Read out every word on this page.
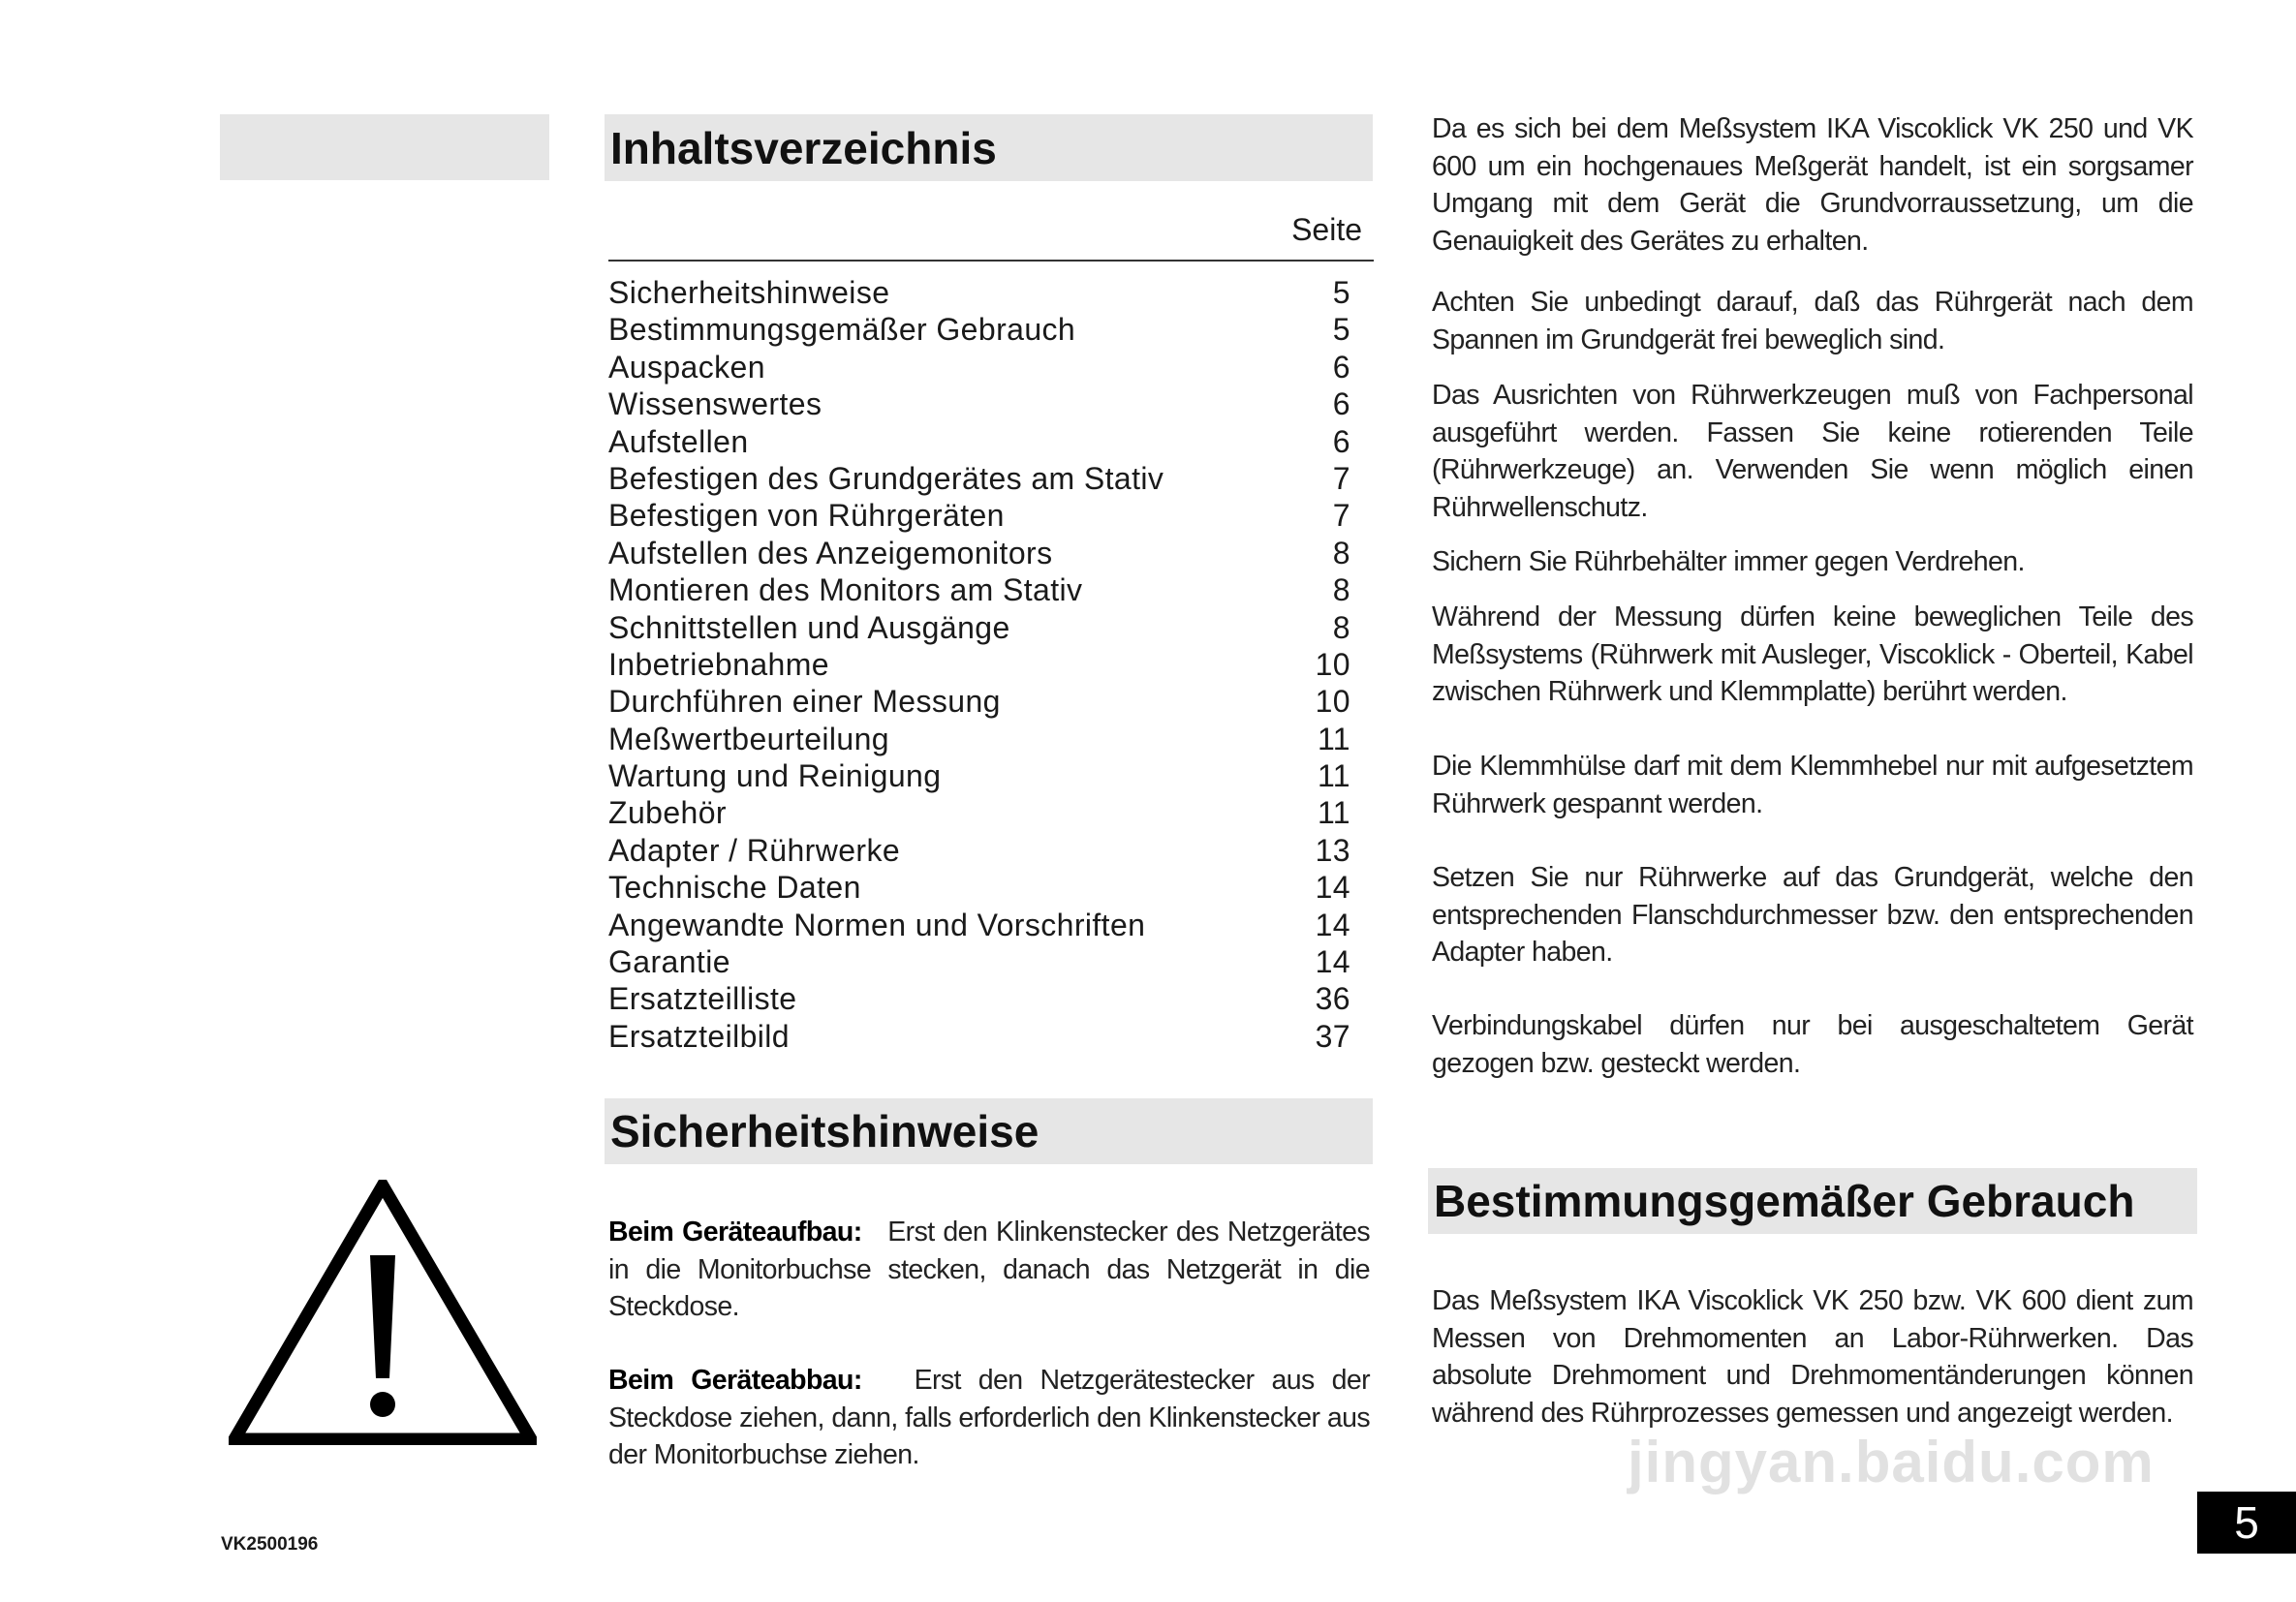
Inhaltsverzeichnis
Seite
Sicherheitshinweise	5
Bestimmungsgemäßer Gebrauch	5
Auspacken	6
Wissenswertes	6
Aufstellen	6
Befestigen des Grundgerätes am Stativ	7
Befestigen von Rührgeräten	7
Aufstellen des Anzeigemonitors	8
Montieren des Monitors am Stativ	8
Schnittstellen und Ausgänge	8
Inbetriebnahme	10
Durchführen einer Messung	10
Meßwertbeurteilung	11
Wartung und Reinigung	11
Zubehör	11
Adapter / Rührwerke	13
Technische Daten	14
Angewandte Normen und Vorschriften	14
Garantie	14
Ersatzteilliste	36
Ersatzteilbild	37
Sicherheitshinweise
Beim Geräteaufbau: Erst den Klinkenstecker des Netzgerätes in die Monitorbuchse stecken, danach das Netzgerät in die Steckdose.
Beim Geräteabbau: Erst den Netzgerätestecker aus der Steckdose ziehen, dann, falls erforderlich den Klinkenstecker aus der Monitorbuchse ziehen.
Da es sich bei dem Meßsystem IKA Viscoklick VK 250 und VK 600 um ein hochgenaues Meßgerät handelt, ist ein sorgsamer Umgang mit dem Gerät die Grundvorraussetzung, um die Genauigkeit des Gerätes zu erhalten.
Achten Sie unbedingt darauf, daß das Rührgerät nach dem Spannen im Grundgerät frei beweglich sind.
Das Ausrichten von Rührwerkzeugen muß von Fachpersonal ausgeführt werden. Fassen Sie keine rotierenden Teile (Rührwerkzeuge) an. Verwenden Sie wenn möglich einen Rührwellenschutz.
Sichern Sie Rührbehälter immer gegen Verdrehen.
Während der Messung dürfen keine beweglichen Teile des Meßsystems (Rührwerk mit Ausleger, Viscoklick - Oberteil, Kabel zwischen Rührwerk und Klemmplatte) berührt werden.
Die Klemmhülse darf mit dem Klemmhebel nur mit aufgesetztem Rührwerk gespannt werden.
Setzen Sie nur Rührwerke auf das Grundgerät, welche den entsprechenden Flanschdurchmesser bzw. den entsprechenden Adapter haben.
Verbindungskabel dürfen nur bei ausgeschaltetem Gerät gezogen bzw. gesteckt werden.
Bestimmungsgemäßer Gebrauch
Das Meßsystem IKA Viscoklick VK 250 bzw. VK 600 dient zum Messen von Drehmomenten an Labor-Rührwerken. Das absolute Drehmoment und Drehmomentänderungen können während des Rührprozesses gemessen und angezeigt werden.
VK2500196
jingyan.baidu.com
5
